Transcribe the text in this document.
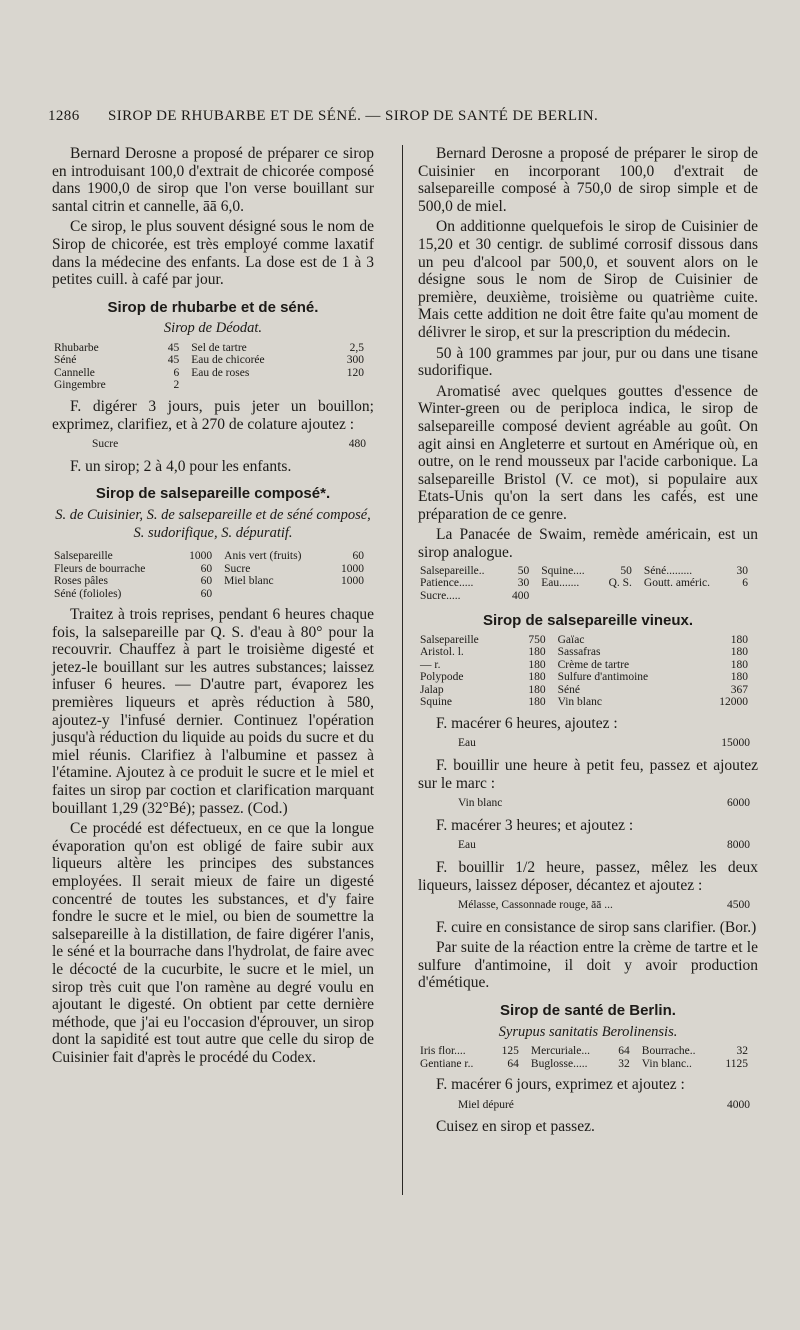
1286 SIROP DE RHUBARBE ET DE SÉNÉ. — SIROP DE SANTÉ DE BERLIN.

Bernard Derosne a proposé de préparer ce sirop en introduisant 100,0 d'extrait de chicorée composé dans 1900,0 de sirop que l'on verse bouillant sur santal citrin et cannelle, āā 6,0.

Ce sirop, le plus souvent désigné sous le nom de Sirop de chicorée, est très employé comme laxatif dans la médecine des enfants. La dose est de 1 à 3 petites cuill. à café par jour.

Sirop de rhubarbe et de séné.
Sirop de Déodat.
Rhubarbe	45	Sel de tartre	2,5
Séné	45	Eau de chicorée	300
Cannelle	6	Eau de roses	120
Gingembre	2		

F. digérer 3 jours, puis jeter un bouillon; exprimez, clarifiez, et à 270 de colature ajoutez :

Sucre	480

F. un sirop; 2 à 4,0 pour les enfants.

Sirop de salsepareille composé*.
S. de Cuisinier, S. de salsepareille et de séné composé, S. sudorifique, S. dépuratif.
Salsepareille	1000	Anis vert (fruits)	60
Fleurs de bourrache	60	Sucre	1000
Roses pâles	60	Miel blanc	1000
Séné (folioles)	60		

Traitez à trois reprises, pendant 6 heures chaque fois, la salsepareille par Q. S. d'eau à 80° pour la recouvrir. Chauffez à part le troisième digesté et jetez-le bouillant sur les autres substances; laissez infuser 6 heures. — D'autre part, évaporez les premières liqueurs et après réduction à 580, ajoutez-y l'infusé dernier. Continuez l'opération jusqu'à réduction du liquide au poids du sucre et du miel réunis. Clarifiez à l'albumine et passez à l'étamine. Ajoutez à ce produit le sucre et le miel et faites un sirop par coction et clarification marquant bouillant 1,29 (32°Bé); passez. (Cod.)

Ce procédé est défectueux, en ce que la longue évaporation qu'on est obligé de faire subir aux liqueurs altère les principes des substances employées. Il serait mieux de faire un digesté concentré de toutes les substances, et d'y faire fondre le sucre et le miel, ou bien de soumettre la salsepareille à la distillation, de faire digérer l'anis, le séné et la bourrache dans l'hydrolat, de faire avec le décocté de la cucurbite, le sucre et le miel, un sirop très cuit que l'on ramène au degré voulu en ajoutant le digesté. On obtient par cette dernière méthode, que j'ai eu l'occasion d'éprouver, un sirop dont la sapidité est tout autre que celle du sirop de Cuisinier fait d'après le procédé du Codex.

Bernard Derosne a proposé de préparer le sirop de Cuisinier en incorporant 100,0 d'extrait de salsepareille composé à 750,0 de sirop simple et de 500,0 de miel.

On additionne quelquefois le sirop de Cuisinier de 15,20 et 30 centigr. de sublimé corrosif dissous dans un peu d'alcool par 500,0, et souvent alors on le désigne sous le nom de Sirop de Cuisinier de première, deuxième, troisième ou quatrième cuite. Mais cette addition ne doit être faite qu'au moment de délivrer le sirop, et sur la prescription du médecin.

50 à 100 grammes par jour, pur ou dans une tisane sudorifique.

Aromatisé avec quelques gouttes d'essence de Winter-green ou de periploca indica, le sirop de salsepareille composé devient agréable au goût. On agit ainsi en Angleterre et surtout en Amérique où, en outre, on le rend mousseux par l'acide carbonique. La salsepareille Bristol (V. ce mot), si populaire aux Etats-Unis qu'on la sert dans les cafés, est une préparation de ce genre.

La Panacée de Swaim, remède américain, est un sirop analogue.

Salsepareille..	50	Squine....	50	Séné.........	30
Patience.....	30	Eau.......	Q. S.	Goutt. améric.	6
Sucre.....	400				
Sirop de salsepareille vineux.
Salsepareille	750	Gaïac	180
Aristol. l.	180	Sassafras	180
— r.	180	Crème de tartre	180
Polypode	180	Sulfure d'antimoine	180
Jalap	180	Séné	367
Squine	180	Vin blanc	12000

F. macérer 6 heures, ajoutez :

Eau	15000

F. bouillir une heure à petit feu, passez et ajoutez sur le marc :

Vin blanc	6000

F. macérer 3 heures; et ajoutez :

Eau	8000

F. bouillir 1/2 heure, passez, mêlez les deux liqueurs, laissez déposer, décantez et ajoutez :

Mélasse, Cassonnade rouge, āā ...	4500

F. cuire en consistance de sirop sans clarifier. (Bor.)

Par suite de la réaction entre la crème de tartre et le sulfure d'antimoine, il doit y avoir production d'émétique.

Sirop de santé de Berlin.
Syrupus sanitatis Berolinensis.
Iris flor....	125	Mercuriale...	64	Bourrache..	32
Gentiane r..	64	Buglosse.....	32	Vin blanc..	1125

F. macérer 6 jours, exprimez et ajoutez :

Miel dépuré	4000

Cuisez en sirop et passez.
